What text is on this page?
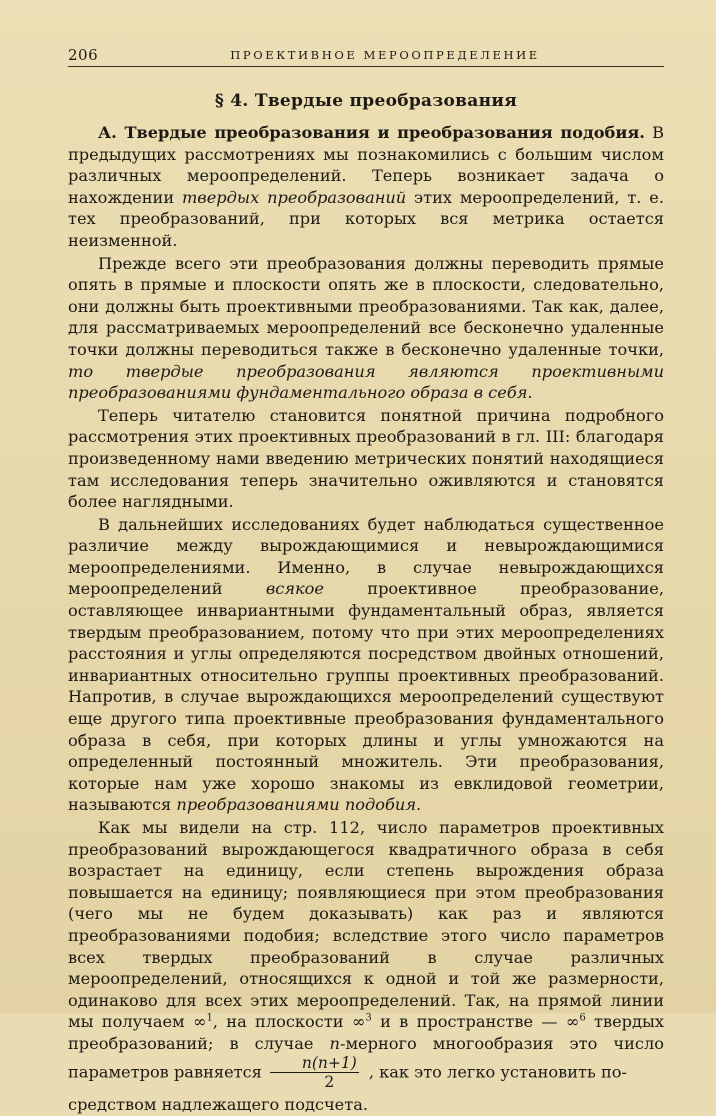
206	ПРОЕКТИВНОЕ МЕРООПРЕДЕЛЕНИЕ
§ 4. Твердые преобразования

А. Твердые преобразования и преобразования подобия. В предыдущих рассмотрениях мы познакомились с большим числом различных мероопределений. Теперь возникает задача о нахождении твердых преобразований этих мероопределений, т. е. тех преобразований, при которых вся метрика остается неизменной.

Прежде всего эти преобразования должны переводить прямые опять в прямые и плоскости опять же в плоскости, следовательно, они должны быть проективными преобразованиями. Так как, далее, для рассматриваемых мероопределений все бесконечно удаленные точки должны переводиться также в бесконечно удаленные точки, то твердые преобразования являются проективными преобразованиями фундаментального образа в себя.

Теперь читателю становится понятной причина подробного рассмотрения этих проективных преобразований в гл. III: благодаря произведенному нами введению метрических понятий находящиеся там исследования теперь значительно оживляются и становятся более наглядными.

В дальнейших исследованиях будет наблюдаться существенное различие между вырождающимися и невырождающимися мероопределениями. Именно, в случае невырождающихся мероопределений всякое проективное преобразование, оставляющее инвариантными фундаментальный образ, является твердым преобразованием, потому что при этих мероопределениях расстояния и углы определяются посредством двойных отношений, инвариантных относительно группы проективных преобразований. Напротив, в случае вырождающихся мероопределений существуют еще другого типа проективные преобразования фундаментального образа в себя, при которых длины и углы умножаются на определенный постоянный множитель. Эти преобразования, которые нам уже хорошо знакомы из евклидовой геометрии, называются преобразованиями подобия.

Как мы видели на стр. 112, число параметров проективных преобразований вырождающегося квадратичного образа в себя возрастает на единицу, если степень вырождения образа повышается на единицу; появляющиеся при этом преобразования (чего мы не будем доказывать) как раз и являются преобразованиями подобия; вследствие этого число параметров всех твердых преобразований в случае различных мероопределений, относящихся к одной и той же размерности, одинаково для всех этих мероопределений. Так, на прямой линии мы получаем ∞$^1$, на плоскости ∞$^3$ и в пространстве — ∞$^6$ твердых преобразований; в случае n-мерного многообразия это число параметров равняется $\frac{n(n+1)}{2}$ , как это легко установить по-
средством надлежащего подсчета.
